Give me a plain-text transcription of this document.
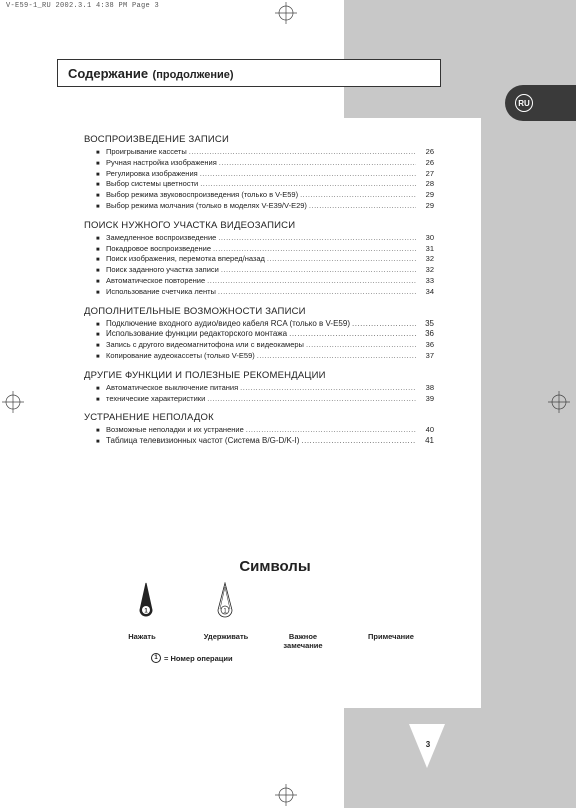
V-E59-1_RU 2002.3.1 4:38 PM Page 3
RU
Содержание (продолжение)
ВОСПРОИЗВЕДЕНИЕ ЗАПИСИ
■ Проигрывание кассеты .....	26
■ Ручная настройка изображения .....	26
■ Регулировка изображения .....	27
■ Выбор системы цветности .....	28
■ Выбор режима звуковоспроизведения (только в V-E59) .....	29
■ Выбор режима молчания (только в моделях V-E39/V-E29) .....	29
ПОИСК НУЖНОГО УЧАСТКА ВИДЕОЗАПИСИ
■ Замедленное воспроизведение .....	30
■ Покадровое воспроизведение .....	31
■ Поиск изображения, перемотка вперед/назад .....	32
■ Поиск заданного участка записи .....	32
■ Автоматическое повторение .....	33
■ Использование счетчика ленты .....	34
ДОПОЛНИТЕЛЬНЫЕ ВОЗМОЖНОСТИ ЗАПИСИ
■ Подключение входного аудио/видео кабеля RCA (только в V-E59) .....	35
■ Использование функции редакторского монтажа .....	36
■ Запись с другого видеомагнитофона или с видеокамеры .....	36
■ Копирование аудеокассеты (только V-E59) .....	37
ДРУГИЕ ФУНКЦИИ И ПОЛЕЗНЫЕ РЕКОМЕНДАЦИИ
■ Автоматическое выключение питания .....	38
■ технические характеристики .....	39
УСТРАНЕНИЕ НЕПОЛАДОК
■ Возможные неполадки и их устранение .....	40
■ Таблица телевизионных частот (Система B/G-D/K-I) .....	41
Символы
1	1
Нажать	Удерживать	Важное замечание
Примечание
1 = Номер операции
3
